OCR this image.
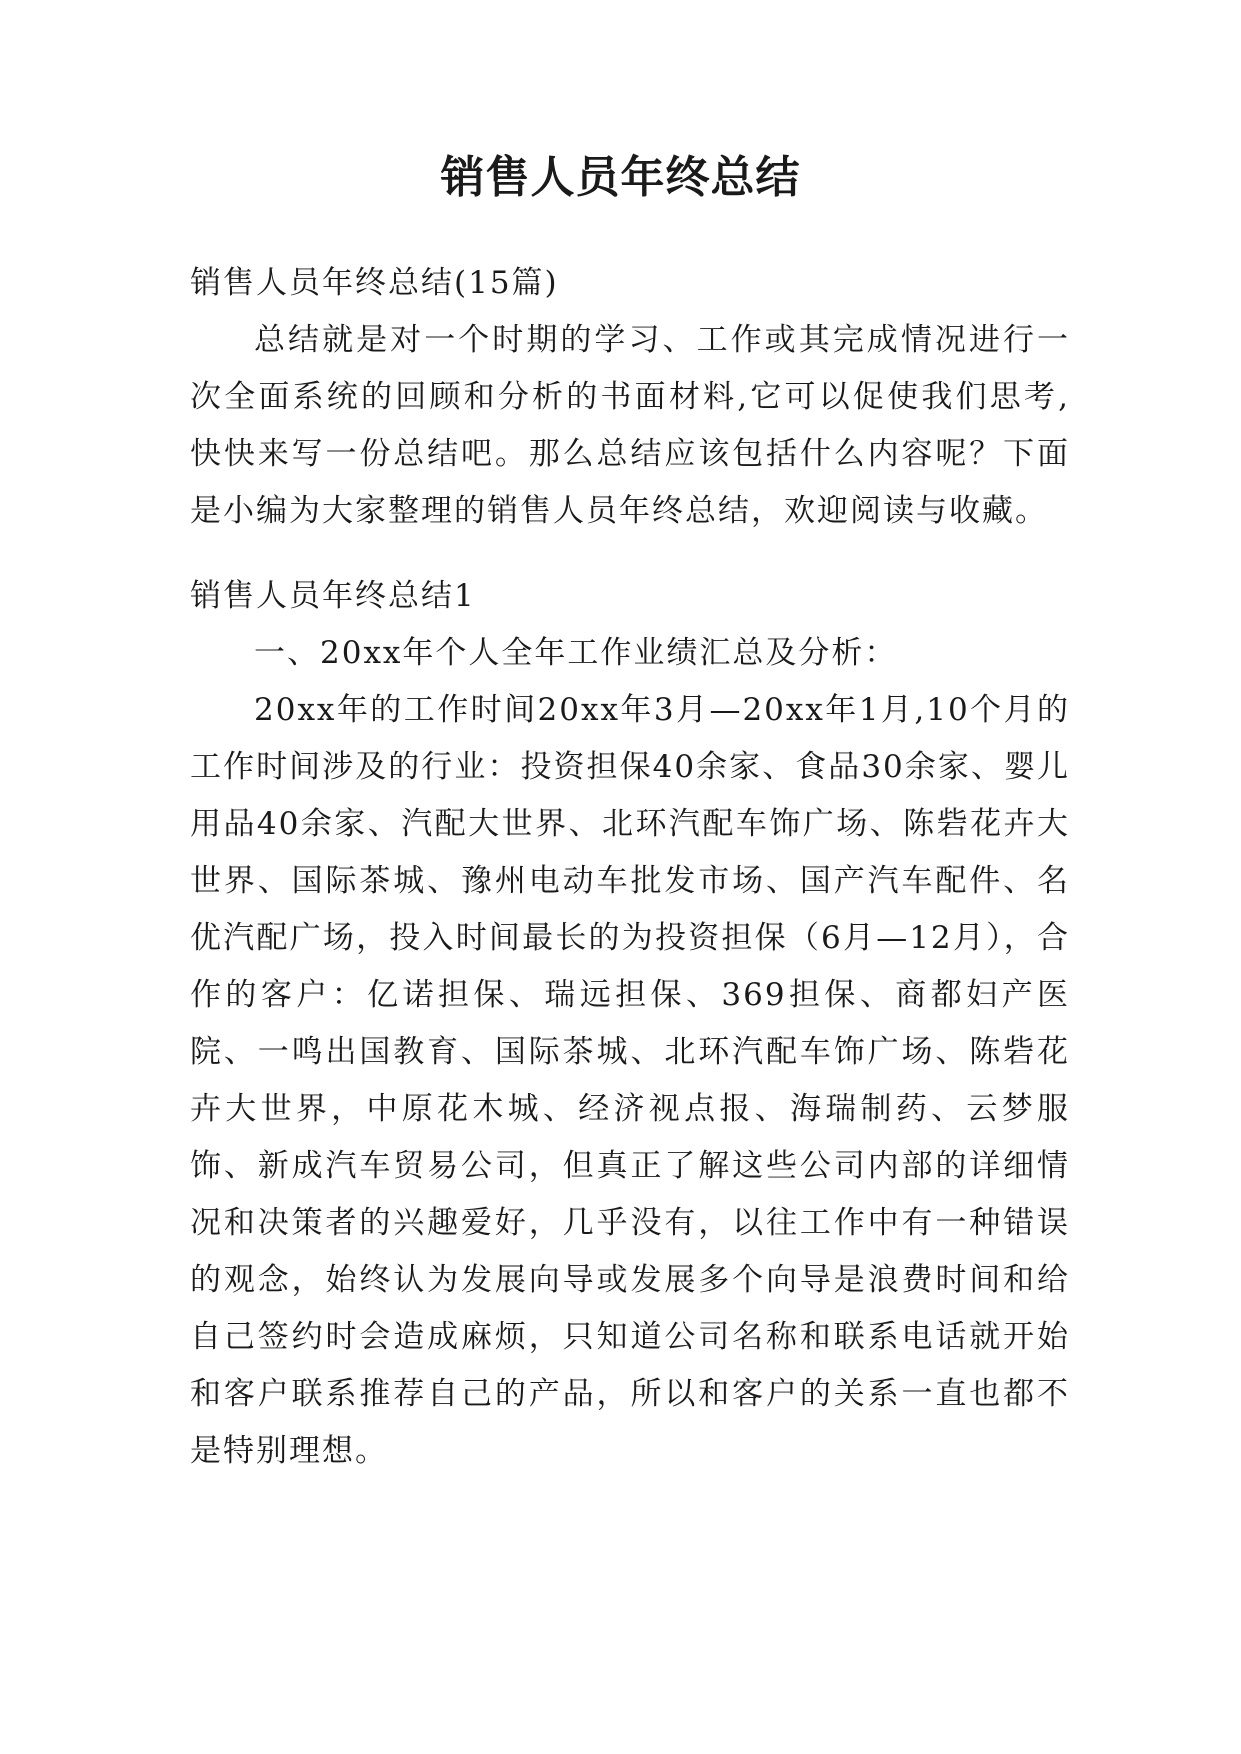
销售人员年终总结

销售人员年终总结(15篇)

总结就是对一个时期的学习、工作或其完成情况进行一次全面系统的回顾和分析的书面材料,它可以促使我们思考,快快来写一份总结吧。那么总结应该包括什么内容呢？下面是小编为大家整理的销售人员年终总结，欢迎阅读与收藏。

销售人员年终总结1

一、20xx年个人全年工作业绩汇总及分析：

20xx年的工作时间20xx年3月—20xx年1月,10个月的工作时间涉及的行业：投资担保40余家、食品30余家、婴儿用品40余家、汽配大世界、北环汽配车饰广场、陈砦花卉大世界、国际茶城、豫州电动车批发市场、国产汽车配件、名优汽配广场，投入时间最长的为投资担保（6月—12月），合作的客户：亿诺担保、瑞远担保、369担保、商都妇产医院、一鸣出国教育、国际茶城、北环汽配车饰广场、陈砦花卉大世界，中原花木城、经济视点报、海瑞制药、云梦服饰、新成汽车贸易公司，但真正了解这些公司内部的详细情况和决策者的兴趣爱好，几乎没有，以往工作中有一种错误的观念，始终认为发展向导或发展多个向导是浪费时间和给自己签约时会造成麻烦，只知道公司名称和联系电话就开始和客户联系推荐自己的产品，所以和客户的关系一直也都不是特别理想。
